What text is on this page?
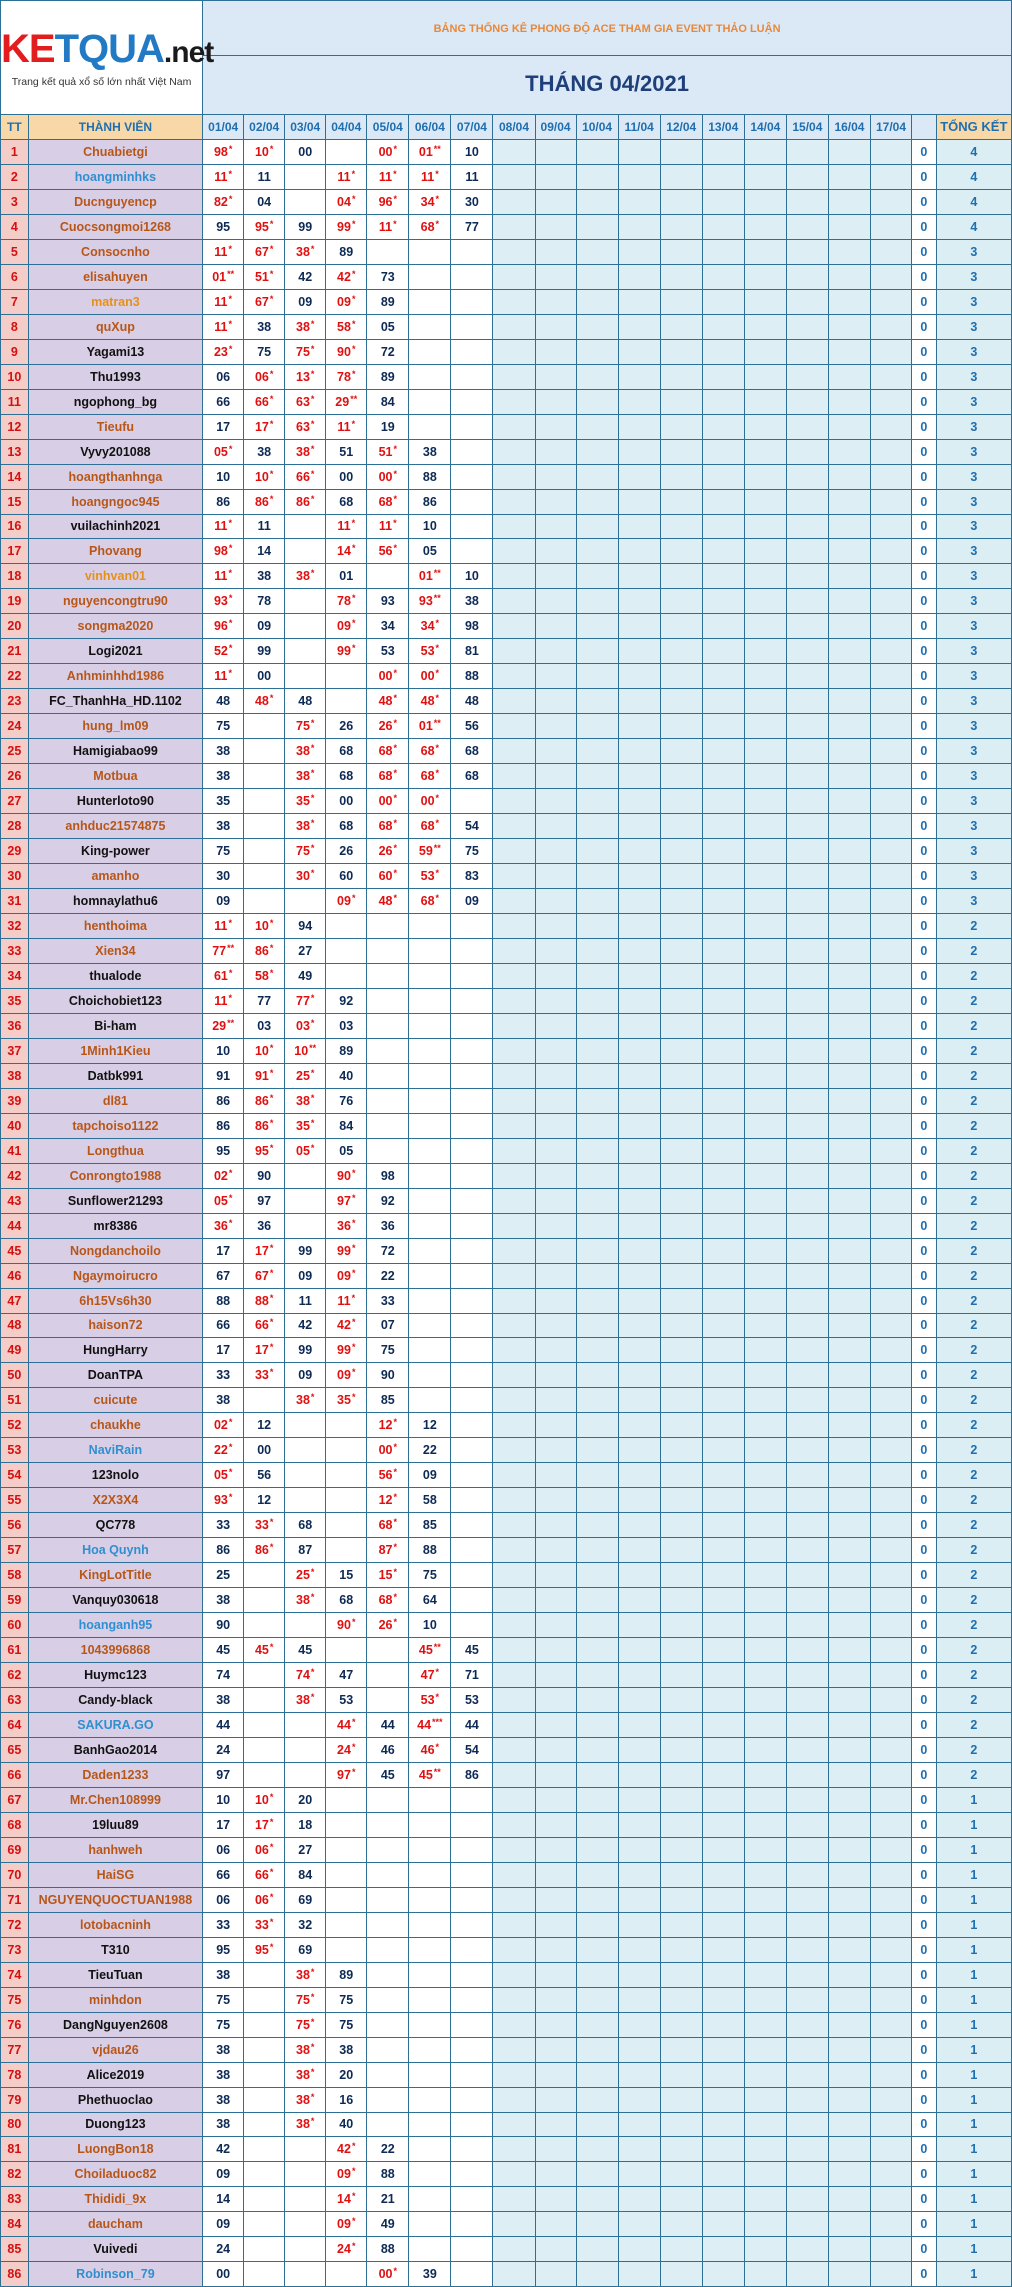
KETQUA.net
Trang kết quả xổ số lớn nhất Việt Nam		BẢNG THỐNG KÊ PHONG ĐỘ ACE THAM GIA EVENT THẢO LUẬN																		
		THÁNG 04/2021																		
TT	THÀNH VIÊN	01/04	02/04	03/04	04/04	05/04	06/04	07/04	08/04	09/04	10/04	11/04	12/04	13/04	14/04	15/04	16/04	17/04		TỔNG KẾT
1	Chuabietgi	98*	10*	00		00*	01**	10											0	4
2	hoangminhks	11*	11		11*	11*	11*	11											0	4
3	Ducnguyencp	82*	04		04*	96*	34*	30											0	4
4	Cuocsongmoi1268	95	95*	99	99*	11*	68*	77											0	4
5	Consocnho	11*	67*	38*	89														0	3
6	elisahuyen	01**	51*	42	42*	73													0	3
7	matran3	11*	67*	09	09*	89													0	3
8	quXup	11*	38	38*	58*	05													0	3
9	Yagami13	23*	75	75*	90*	72													0	3
10	Thu1993	06	06*	13*	78*	89													0	3
11	ngophong_bg	66	66*	63*	29**	84													0	3
12	Tieufu	17	17*	63*	11*	19													0	3
13	Vyvy201088	05*	38	38*	51	51*	38												0	3
14	hoangthanhnga	10	10*	66*	00	00*	88												0	3
15	hoangngoc945	86	86*	86*	68	68*	86												0	3
16	vuilachinh2021	11*	11		11*	11*	10												0	3
17	Phovang	98*	14		14*	56*	05												0	3
18	vinhvan01	11*	38	38*	01		01**	10											0	3
19	nguyencongtru90	93*	78		78*	93	93**	38											0	3
20	songma2020	96*	09		09*	34	34*	98											0	3
21	Logi2021	52*	99		99*	53	53*	81											0	3
22	Anhminhhd1986	11*	00			00*	00*	88											0	3
23	FC_ThanhHa_HD.1102	48	48*	48		48*	48*	48											0	3
24	hung_lm09	75		75*	26	26*	01**	56											0	3
25	Hamigiabao99	38		38*	68	68*	68*	68											0	3
26	Motbua	38		38*	68	68*	68*	68											0	3
27	Hunterloto90	35		35*	00	00*	00*												0	3
28	anhduc21574875	38		38*	68	68*	68*	54											0	3
29	King-power	75		75*	26	26*	59**	75											0	3
30	amanho	30		30*	60	60*	53*	83											0	3
31	homnaylathu6	09			09*	48*	68*	09											0	3
32	henthoima	11*	10*	94															0	2
33	Xien34	77**	86*	27															0	2
34	thualode	61*	58*	49															0	2
35	Choichobiet123	11*	77	77*	92														0	2
36	Bi-ham	29**	03	03*	03														0	2
37	1Minh1Kieu	10	10*	10**	89														0	2
38	Datbk991	91	91*	25*	40														0	2
39	dl81	86	86*	38*	76														0	2
40	tapchoiso1122	86	86*	35*	84														0	2
41	Longthua	95	95*	05*	05														0	2
42	Conrongto1988	02*	90		90*	98													0	2
43	Sunflower21293	05*	97		97*	92													0	2
44	mr8386	36*	36		36*	36													0	2
45	Nongdanchoilo	17	17*	99	99*	72													0	2
46	Ngaymoirucro	67	67*	09	09*	22													0	2
47	6h15Vs6h30	88	88*	11	11*	33													0	2
48	haison72	66	66*	42	42*	07													0	2
49	HungHarry	17	17*	99	99*	75													0	2
50	DoanTPA	33	33*	09	09*	90													0	2
51	cuicute	38		38*	35*	85													0	2
52	chaukhe	02*	12			12*	12												0	2
53	NaviRain	22*	00			00*	22												0	2
54	123nolo	05*	56			56*	09												0	2
55	X2X3X4	93*	12			12*	58												0	2
56	QC778	33	33*	68		68*	85												0	2
57	Hoa Quynh	86	86*	87		87*	88												0	2
58	KingLotTitle	25		25*	15	15*	75												0	2
59	Vanquy030618	38		38*	68	68*	64												0	2
60	hoanganh95	90			90*	26*	10												0	2
61	1043996868	45	45*	45			45**	45											0	2
62	Huymc123	74		74*	47		47*	71											0	2
63	Candy-black	38		38*	53		53*	53											0	2
64	SAKURA.GO	44			44*	44	44***	44											0	2
65	BanhGao2014	24			24*	46	46*	54											0	2
66	Daden1233	97			97*	45	45**	86											0	2
67	Mr.Chen108999	10	10*	20															0	1
68	19luu89	17	17*	18															0	1
69	hanhweh	06	06*	27															0	1
70	HaiSG	66	66*	84															0	1
71	NGUYENQUOCTUAN1988	06	06*	69															0	1
72	lotobacninh	33	33*	32															0	1
73	T310	95	95*	69															0	1
74	TieuTuan	38		38*	89														0	1
75	minhdon	75		75*	75														0	1
76	DangNguyen2608	75		75*	75														0	1
77	vjdau26	38		38*	38														0	1
78	Alice2019	38		38*	20														0	1
79	Phethuoclao	38		38*	16														0	1
80	Duong123	38		38*	40														0	1
81	LuongBon18	42			42*	22													0	1
82	Choiladuoc82	09			09*	88													0	1
83	Thididi_9x	14			14*	21													0	1
84	daucham	09			09*	49													0	1
85	Vuivedi	24			24*	88													0	1
86	Robinson_79	00				00*	39												0	1
